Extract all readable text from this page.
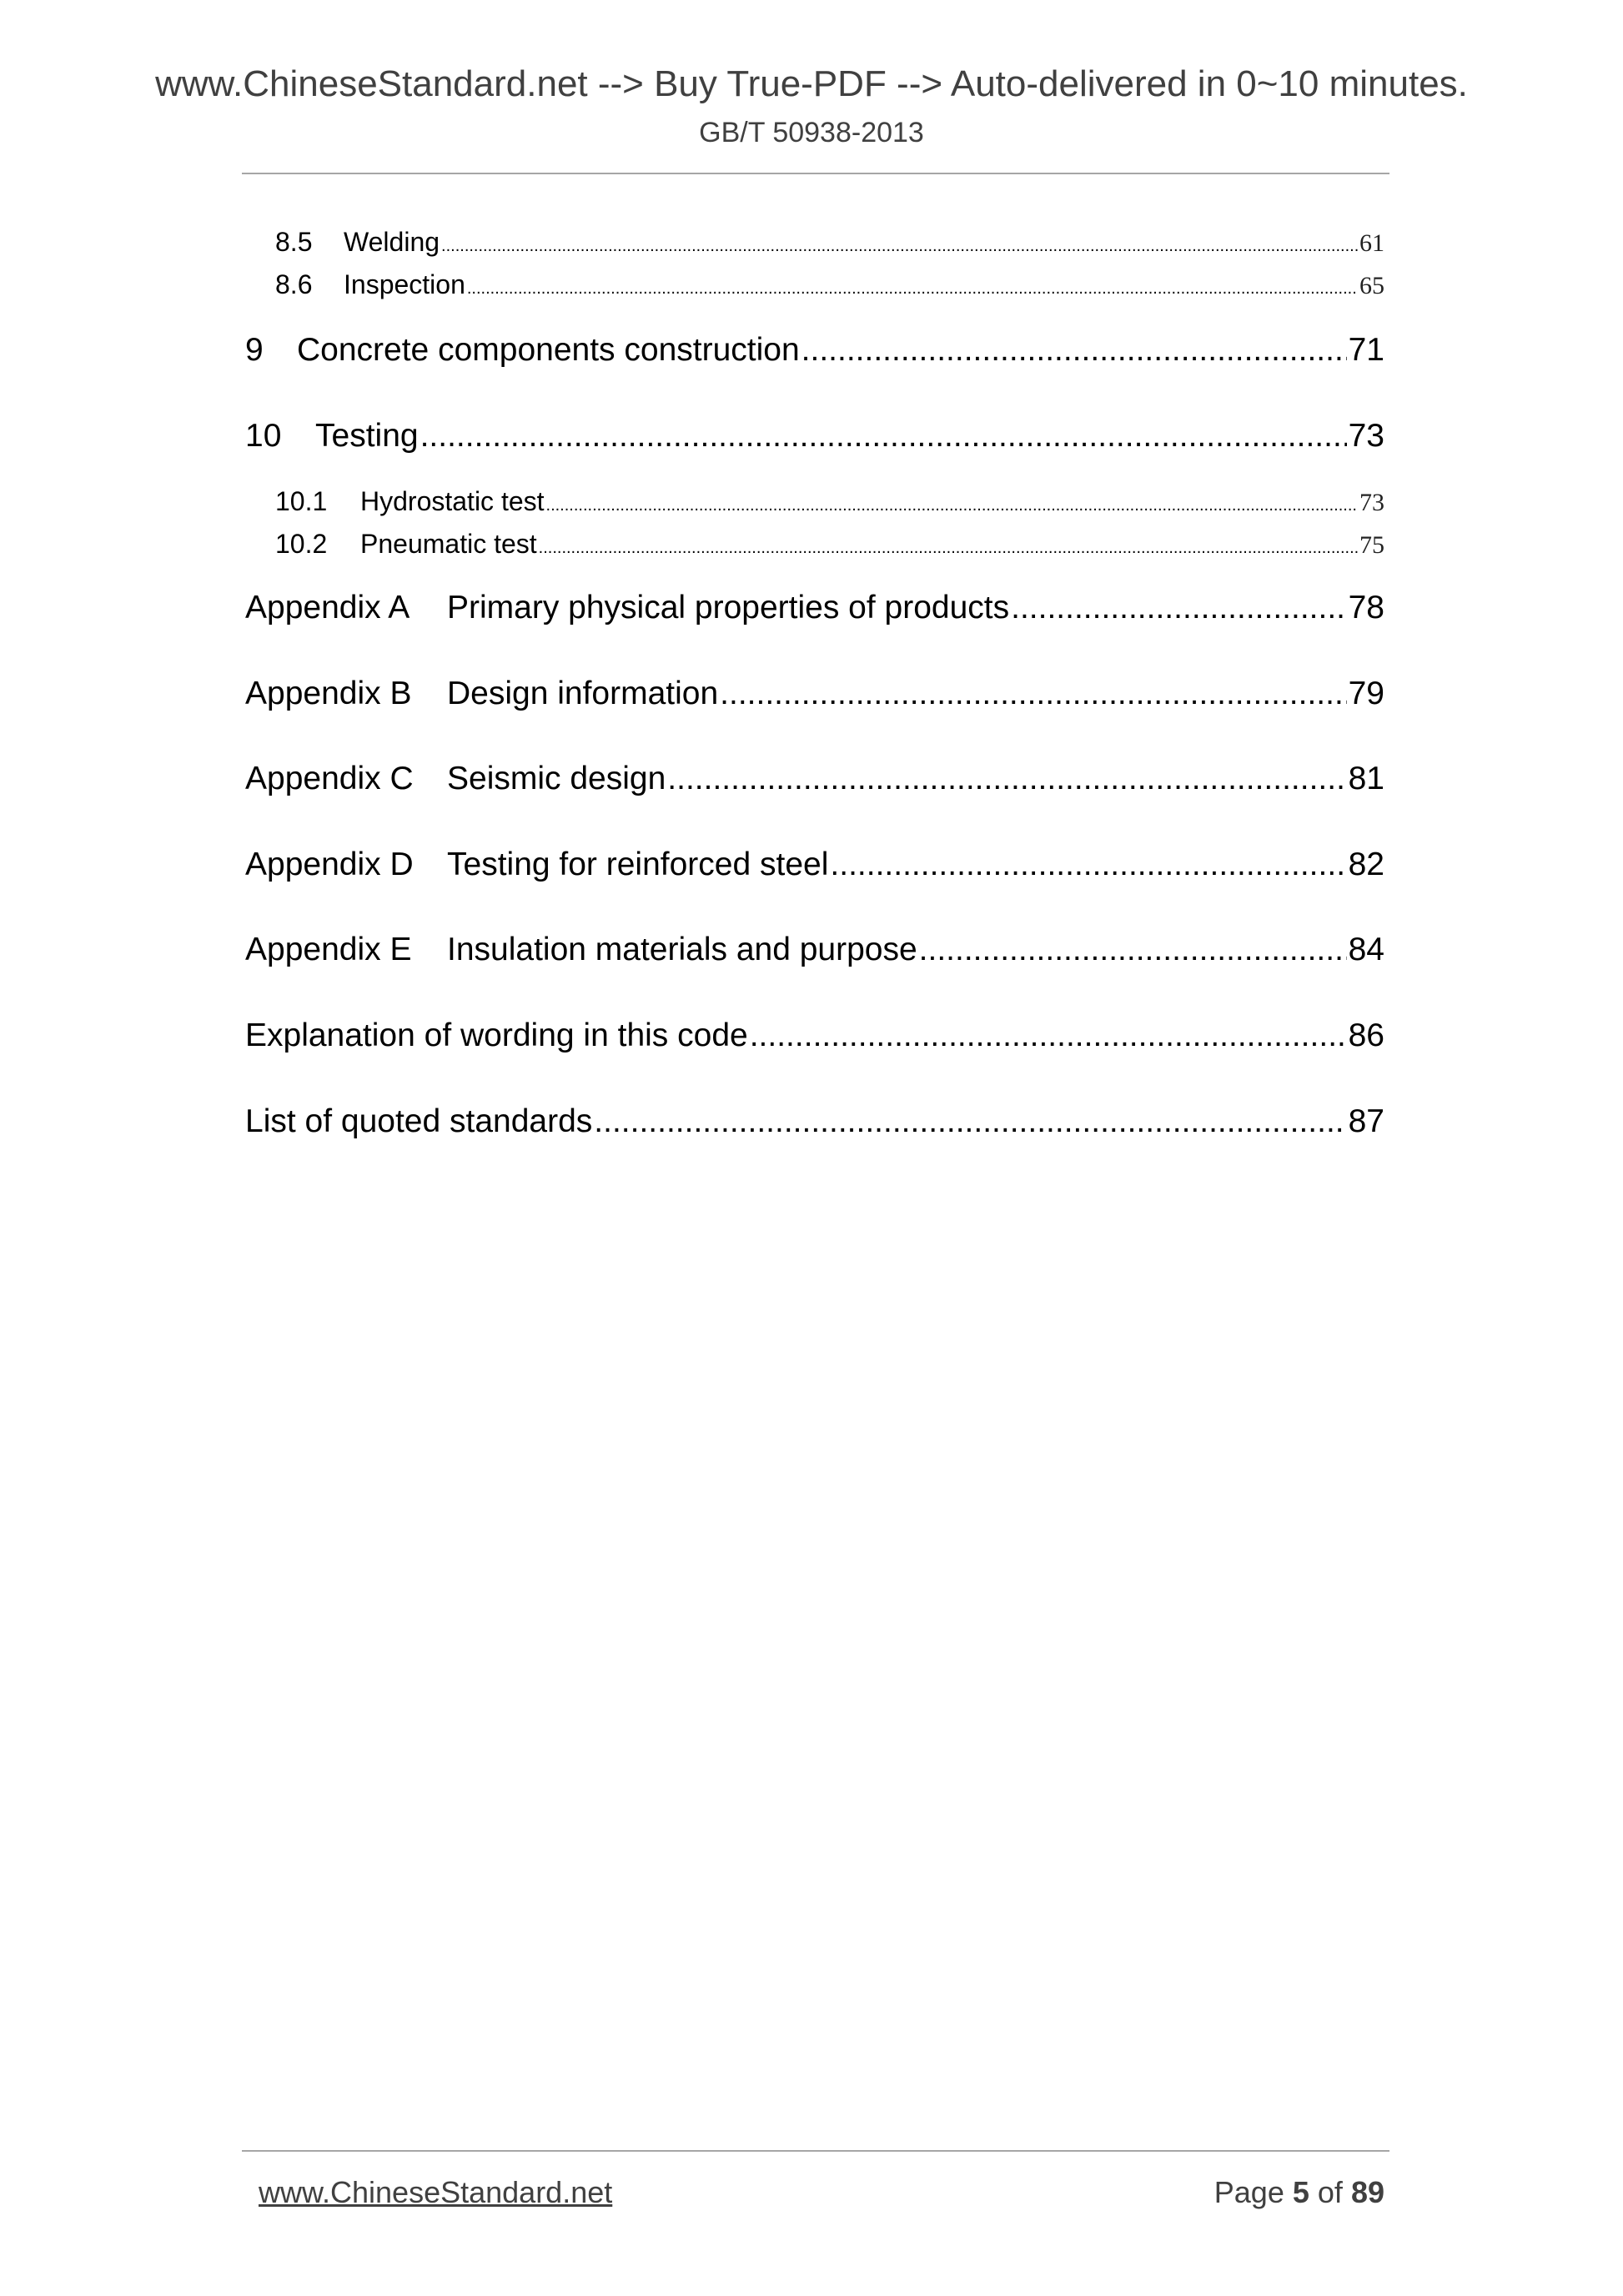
www.ChineseStandard.net --> Buy True-PDF --> Auto-delivered in 0~10 minutes.
GB/T 50938-2013
8.5	Welding .....	61
8.6	Inspection .....	65
9	Concrete components construction .....	71
10	Testing .....	73
10.1	Hydrostatic test .....	73
10.2	Pneumatic test .....	75
Appendix A	Primary physical properties of products .....	78
Appendix B	Design information .....	79
Appendix C	Seismic design .....	81
Appendix D	Testing for reinforced steel .....	82
Appendix E	Insulation materials and purpose .....	84
Explanation of wording in this code .....	86
List of quoted standards .....	87
www.ChineseStandard.net	Page 5 of 89
